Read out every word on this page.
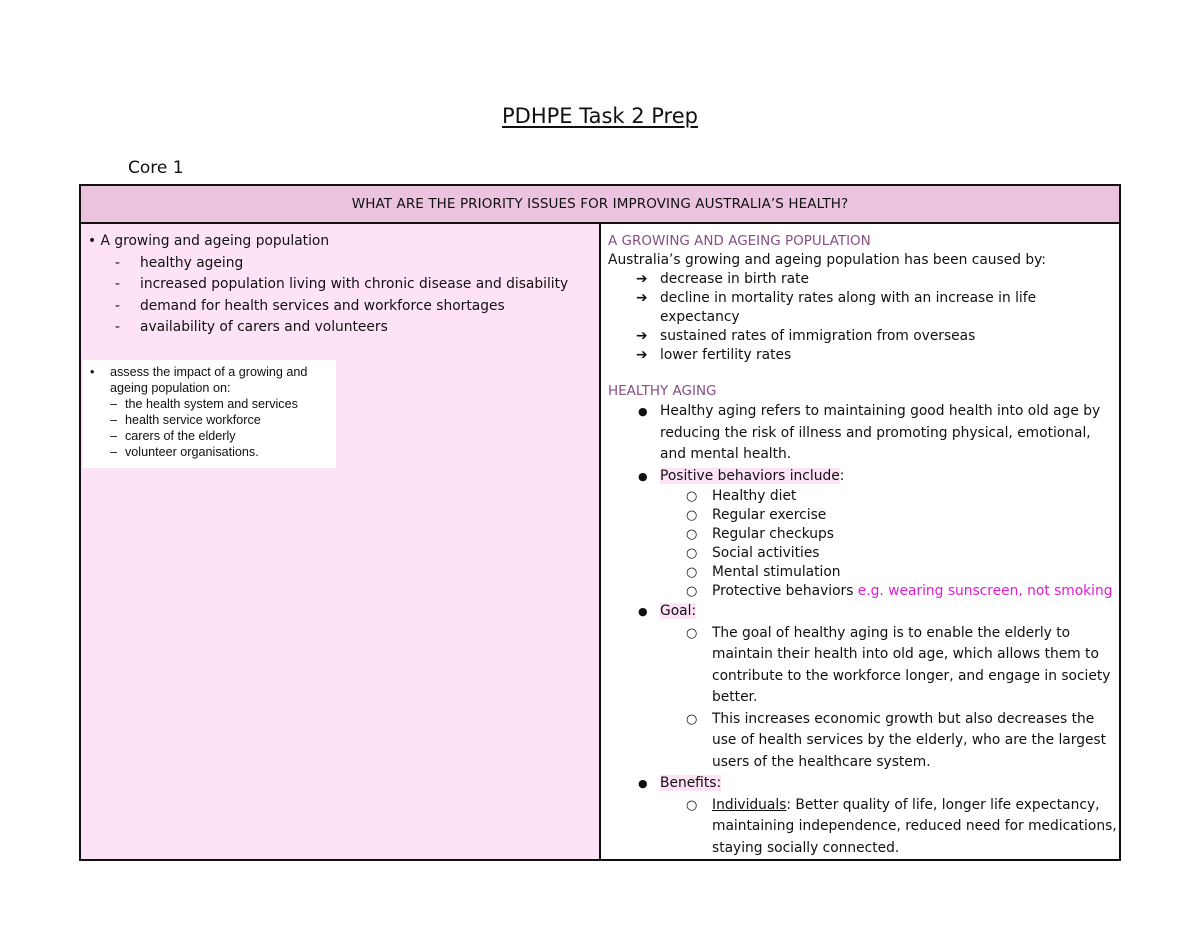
PDHPE Task 2 Prep
Core 1
WHAT ARE THE PRIORITY ISSUES FOR IMPROVING AUSTRALIA’S HEALTH?

• A growing and ageing population
- healthy ageing
- increased population living with chronic disease and disability
- demand for health services and workforce shortages
- availability of carers and volunteers
• assess the impact of a growing and ageing population on:
– the health system and services
– health service workforce
– carers of the elderly
– volunteer organisations.

A GROWING AND AGEING POPULATION
Australia’s growing and ageing population has been caused by:
➔ decrease in birth rate
➔ decline in mortality rates along with an increase in life expectancy
➔ sustained rates of immigration from overseas
➔ lower fertility rates
HEALTHY AGING
● Healthy aging refers to maintaining good health into old age by reducing the risk of illness and promoting physical, emotional, and mental health.
● Positive behaviors include:
○ Healthy diet
○ Regular exercise
○ Regular checkups
○ Social activities
○ Mental stimulation
○ Protective behaviors e.g. wearing sunscreen, not smoking
● Goal:
○ The goal of healthy aging is to enable the elderly to maintain their health into old age, which allows them to contribute to the workforce longer, and engage in society better.
○ This increases economic growth but also decreases the use of health services by the elderly, who are the largest users of the healthcare system.
● Benefits:
○ Individuals: Better quality of life, longer life expectancy, maintaining independence, reduced need for medications, staying socially connected.
